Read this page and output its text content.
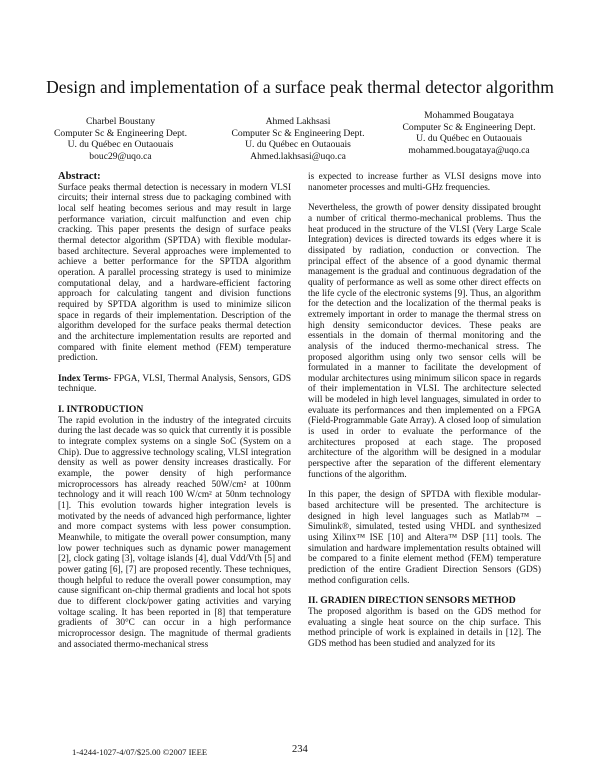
Design and implementation of a surface peak thermal detector algorithm
Charbel Boustany
Computer Sc & Engineering Dept.
U. du Québec en Outaouais
bouc29@uqo.ca
Ahmed Lakhsasi
Computer Sc & Engineering Dept.
U. du Québec en Outaouais
Ahmed.lakhsasi@uqo.ca
Mohammed Bougataya
Computer Sc & Engineering Dept.
U. du Québec en Outaouais
mohammed.bougataya@uqo.ca

Abstract:

Surface peaks thermal detection is necessary in modern VLSI circuits; their internal stress due to packaging combined with local self heating becomes serious and may result in large performance variation, circuit malfunction and even chip cracking. This paper presents the design of surface peaks thermal detector algorithm (SPTDA) with flexible modular-based architecture. Several approaches were implemented to achieve a better performance for the SPTDA algorithm operation. A parallel processing strategy is used to minimize computational delay, and a hardware-efficient factoring approach for calculating tangent and division functions required by SPTDA algorithm is used to minimize silicon space in regards of their implementation. Description of the algorithm developed for the surface peaks thermal detection and the architecture implementation results are reported and compared with finite element method (FEM) temperature prediction.

Index Terms- FPGA, VLSI, Thermal Analysis, Sensors, GDS technique.

I. INTRODUCTION

The rapid evolution in the industry of the integrated circuits during the last decade was so quick that currently it is possible to integrate complex systems on a single SoC (System on a Chip). Due to aggressive technology scaling, VLSI integration density as well as power density increases drastically. For example, the power density of high performance microprocessors has already reached 50W/cm² at 100nm technology and it will reach 100 W/cm² at 50nm technology [1]. This evolution towards higher integration levels is motivated by the needs of advanced high performance, lighter and more compact systems with less power consumption. Meanwhile, to mitigate the overall power consumption, many low power techniques such as dynamic power management [2], clock gating [3], voltage islands [4], dual Vdd/Vth [5] and power gating [6], [7] are proposed recently. These techniques, though helpful to reduce the overall power consumption, may cause significant on-chip thermal gradients and local hot spots due to different clock/power gating activities and varying voltage scaling. It has been reported in [8] that temperature gradients of 30°C can occur in a high performance microprocessor design. The magnitude of thermal gradients and associated thermo-mechanical stress

is expected to increase further as VLSI designs move into nanometer processes and multi-GHz frequencies.

Nevertheless, the growth of power density dissipated brought a number of critical thermo-mechanical problems. Thus the heat produced in the structure of the VLSI (Very Large Scale Integration) devices is directed towards its edges where it is dissipated by radiation, conduction or convection. The principal effect of the absence of a good dynamic thermal management is the gradual and continuous degradation of the quality of performance as well as some other direct effects on the life cycle of the electronic systems [9]. Thus, an algorithm for the detection and the localization of the thermal peaks is extremely important in order to manage the thermal stress on high density semiconductor devices. These peaks are essentials in the domain of thermal monitoring and the analysis of the induced thermo-mechanical stress. The proposed algorithm using only two sensor cells will be formulated in a manner to facilitate the development of modular architectures using minimum silicon space in regards of their implementation in VLSI. The architecture selected will be modeled in high level languages, simulated in order to evaluate its performances and then implemented on a FPGA (Field-Programmable Gate Array). A closed loop of simulation is used in order to evaluate the performance of the architectures proposed at each stage. The proposed architecture of the algorithm will be designed in a modular perspective after the separation of the different elementary functions of the algorithm.

In this paper, the design of SPTDA with flexible modular-based architecture will be presented. The architecture is designed in high level languages such as Matlab™ – Simulink®, simulated, tested using VHDL and synthesized using Xilinx™ ISE [10] and Altera™ DSP [11] tools. The simulation and hardware implementation results obtained will be compared to a finite element method (FEM) temperature prediction of the entire Gradient Direction Sensors (GDS) method configuration cells.

II. GRADIEN DIRECTION SENSORS METHOD

The proposed algorithm is based on the GDS method for evaluating a single heat source on the chip surface. This method principle of work is explained in details in [12]. The GDS method has been studied and analyzed for its

1-4244-1027-4/07/$25.00 ©2007 IEEE	234
